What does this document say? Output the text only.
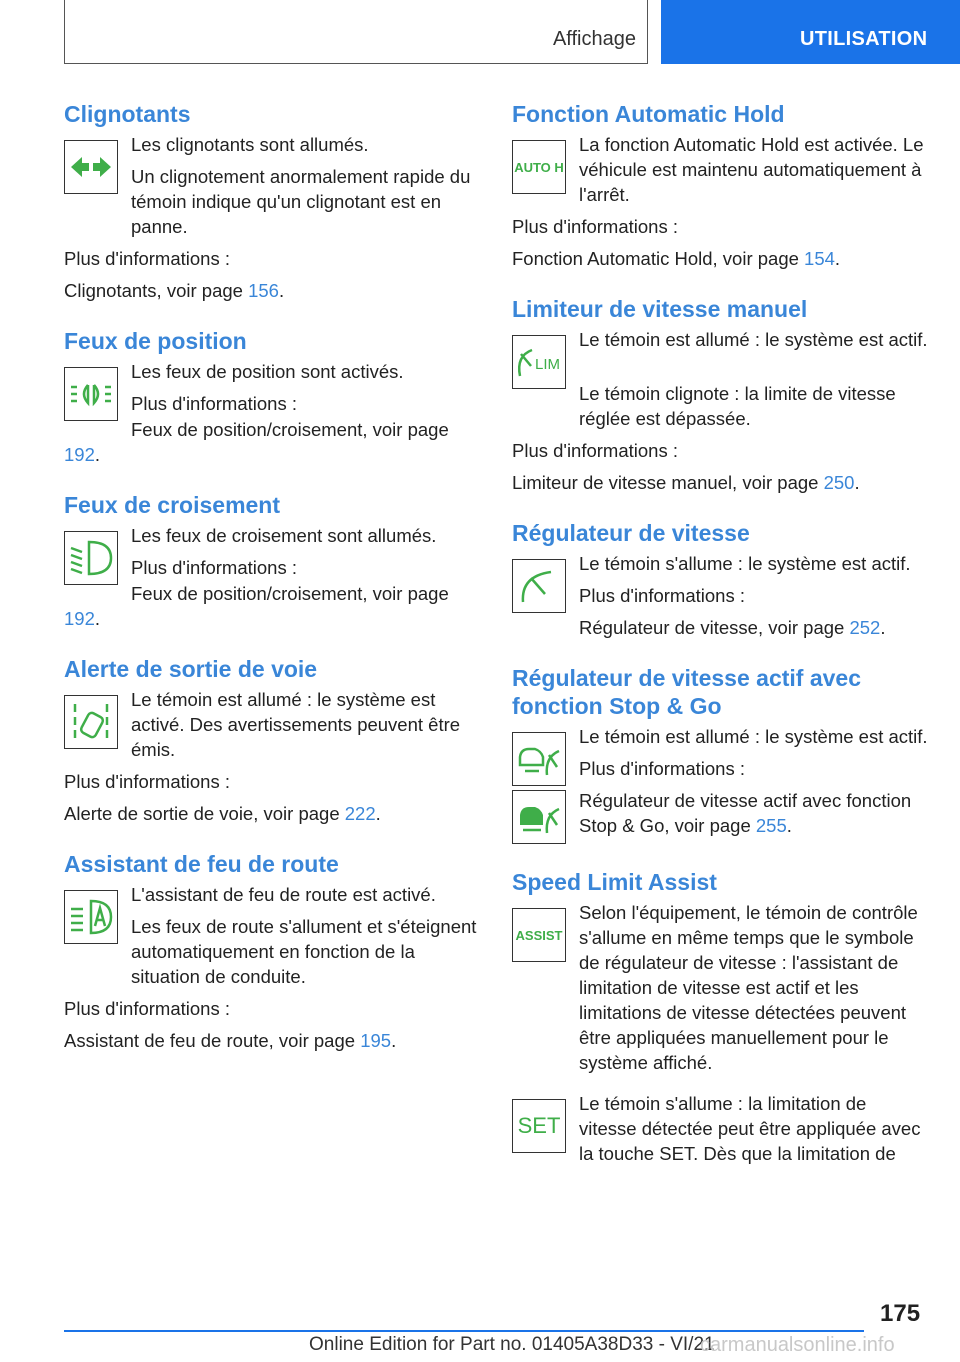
Affichage	UTILISATION
Clignotants

Les clignotants sont allumés.

Un clignotement anormalement rapide du témoin indique qu'un clignotant est en panne.

Plus d'informations :

Clignotants, voir page 156.

Feux de position

Les feux de position sont activés.

Plus d'informations :

Feux de position/croisement, voir page 192.

Feux de croisement

Les feux de croisement sont allumés.

Plus d'informations :

Feux de position/croisement, voir page 192.

Alerte de sortie de voie

Le témoin est allumé : le système est activé. Des avertissements peuvent être émis.

Plus d'informations :

Alerte de sortie de voie, voir page 222.

Assistant de feu de route

L'assistant de feu de route est activé.

Les feux de route s'allument et s'éteignent automatiquement en fonction de la situation de conduite.

Plus d'informations :

Assistant de feu de route, voir page 195.

Fonction Automatic Hold
AUTO H

La fonction Automatic Hold est activée. Le véhicule est maintenu automatiquement à l'arrêt.

Plus d'informations :

Fonction Automatic Hold, voir page 154.

Limiteur de vitesse manuel
LIM

Le témoin est allumé : le système est actif.

Le témoin clignote : la limite de vitesse réglée est dépassée.

Plus d'informations :

Limiteur de vitesse manuel, voir page 250.

Régulateur de vitesse

Le témoin s'allume : le système est actif.

Plus d'informations :

Régulateur de vitesse, voir page 252.

Régulateur de vitesse actif avec fonction Stop & Go

Le témoin est allumé : le système est actif.

Plus d'informations :

Régulateur de vitesse actif avec fonction Stop & Go, voir page 255.

Speed Limit Assist
ASSIST

Selon l'équipement, le témoin de contrôle s'allume en même temps que le symbole de régulateur de vitesse : l'assistant de limitation de vitesse est actif et les limitations de vitesse détectées peuvent être appliquées manuellement pour le système affiché.

SET

Le témoin s'allume : la limitation de vitesse détectée peut être appliquée avec la touche SET. Dès que la limitation de

175
Online Edition for Part no. 01405A38D33 - VI/21
carmanualsonline.info
